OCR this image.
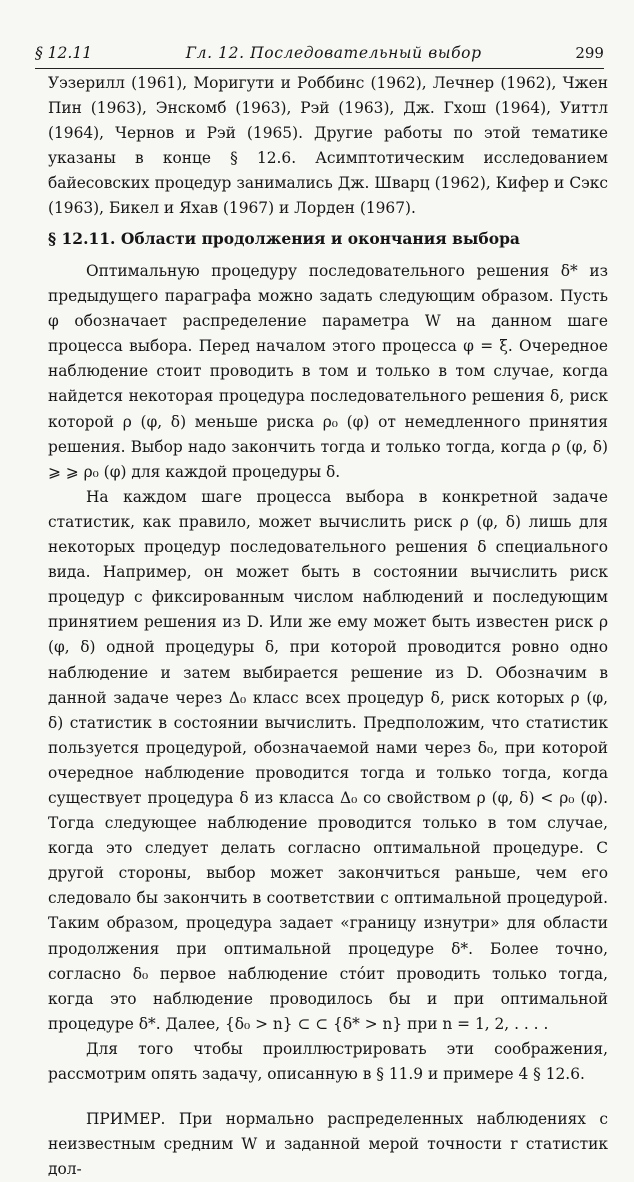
§ 12.11	Гл. 12. Последовательный выбор	299

Уэзерилл (1961), Моригути и Роббинс (1962), Лечнер (1962), Чжен Пин (1963), Энскомб (1963), Рэй (1963), Дж. Гхош (1964), Уиттл (1964), Чернов и Рэй (1965). Другие работы по этой тематике указаны в конце § 12.6. Асимптотическим исследованием байесовских процедур занимались Дж. Шварц (1962), Кифер и Сэкс (1963), Бикел и Яхав (1967) и Лорден (1967).

§ 12.11. Области продолжения и окончания выбора

Оптимальную процедуру последовательного решения δ* из предыдущего параграфа можно задать следующим образом. Пусть φ обозначает распределение параметра W на данном шаге процесса выбора. Перед началом этого процесса φ = ξ. Очередное наблюдение стоит проводить в том и только в том случае, когда найдется некоторая процедура последовательного решения δ, риск которой ρ (φ, δ) меньше риска ρ₀ (φ) от немедленного принятия решения. Выбор надо закончить тогда и только тогда, когда ρ (φ, δ) ⩾ ⩾ ρ₀ (φ) для каждой процедуры δ.

На каждом шаге процесса выбора в конкретной задаче статистик, как правило, может вычислить риск ρ (φ, δ) лишь для некоторых процедур последовательного решения δ специального вида. Например, он может быть в состоянии вычислить риск процедур с фиксированным числом наблюдений и последующим принятием решения из D. Или же ему может быть известен риск ρ (φ, δ) одной процедуры δ, при которой проводится ровно одно наблюдение и затем выбирается решение из D. Обозначим в данной задаче через Δ₀ класс всех процедур δ, риск которых ρ (φ, δ) статистик в состоянии вычислить. Предположим, что статистик пользуется процедурой, обозначаемой нами через δ₀, при которой очередное наблюдение проводится тогда и только тогда, когда существует процедура δ из класса Δ₀ со свойством ρ (φ, δ) < ρ₀ (φ). Тогда следующее наблюдение проводится только в том случае, когда это следует делать согласно оптимальной процедуре. С другой стороны, выбор может закончиться раньше, чем его следовало бы закончить в соответствии с оптимальной процедурой. Таким образом, процедура задает «границу изнутри» для области продолжения при оптимальной процедуре δ*. Более точно, согласно δ₀ первое наблюдение стóит проводить только тогда, когда это наблюдение проводилось бы и при оптимальной процедуре δ*. Далее, {δ₀ > n} ⊂ ⊂ {δ* > n} при n = 1, 2, . . . .

Для того чтобы проиллюстрировать эти соображения, рассмотрим опять задачу, описанную в § 11.9 и примере 4 § 12.6.

ПРИМЕР. При нормально распределенных наблюдениях с неизвестным средним W и заданной мерой точности r статистик дол-
